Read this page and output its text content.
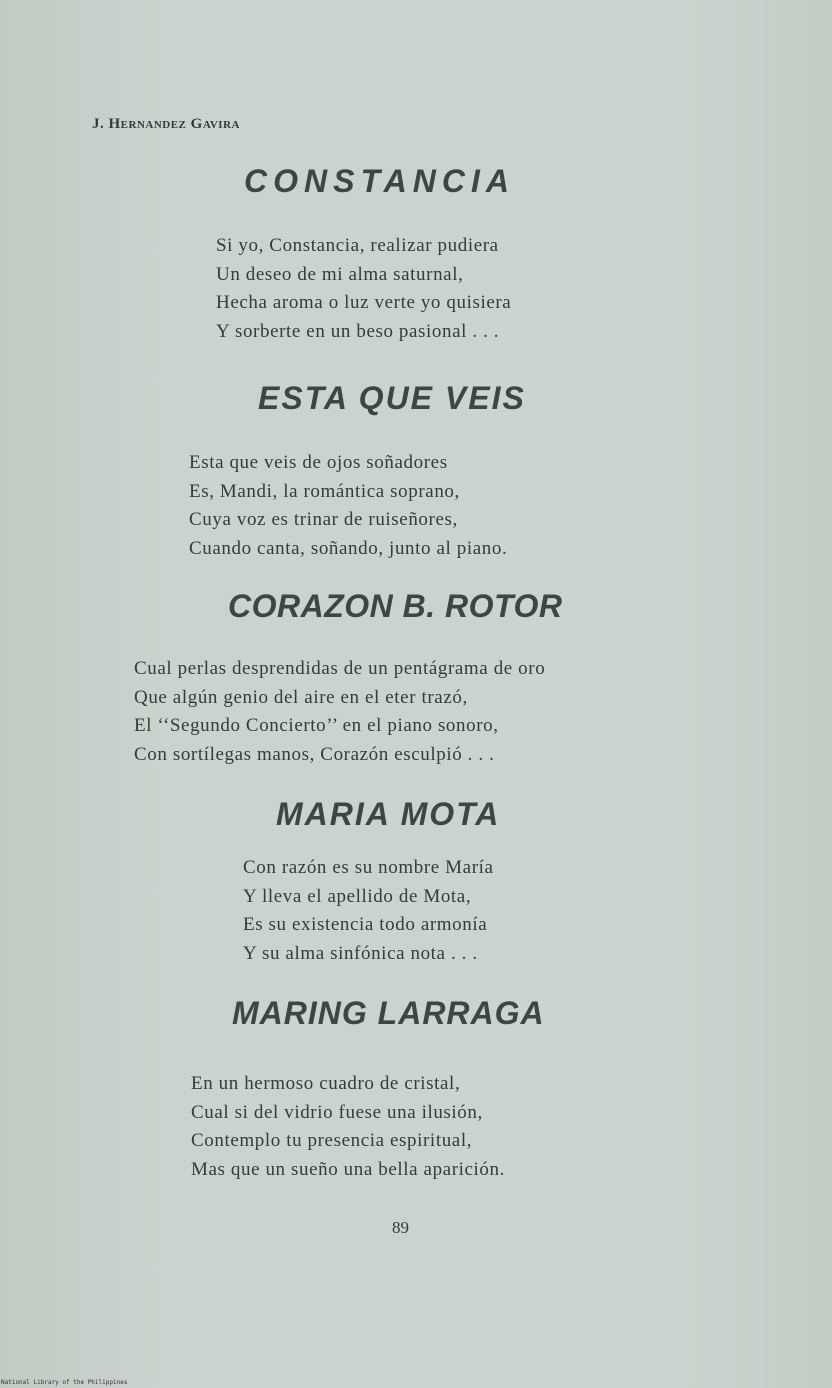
J. Hernandez Gavira
CONSTANCIA
Si yo, Constancia, realizar pudiera
Un deseo de mi alma saturnal,
Hecha aroma o luz verte yo quisiera
Y sorberte en un beso pasional . . .
ESTA QUE VEIS
Esta que veis de ojos soñadores
Es, Mandi, la romántica soprano,
Cuya voz es trinar de ruiseñores,
Cuando canta, soñando, junto al piano.
CORAZON B. ROTOR
Cual perlas desprendidas de un pentágrama de oro
Que algún genio del aire en el eter trazó,
El ‘‘Segundo Concierto’’ en el piano sonoro,
Con sortílegas manos, Corazón esculpió . . .
MARIA MOTA
Con razón es su nombre María
Y lleva el apellido de Mota,
Es su existencia todo armonía
Y su alma sinfónica nota . . .
MARING LARRAGA
En un hermoso cuadro de cristal,
Cual si del vidrio fuese una ilusión,
Contemplo tu presencia espiritual,
Mas que un sueño una bella aparición.
89
National Library of the Philippines
